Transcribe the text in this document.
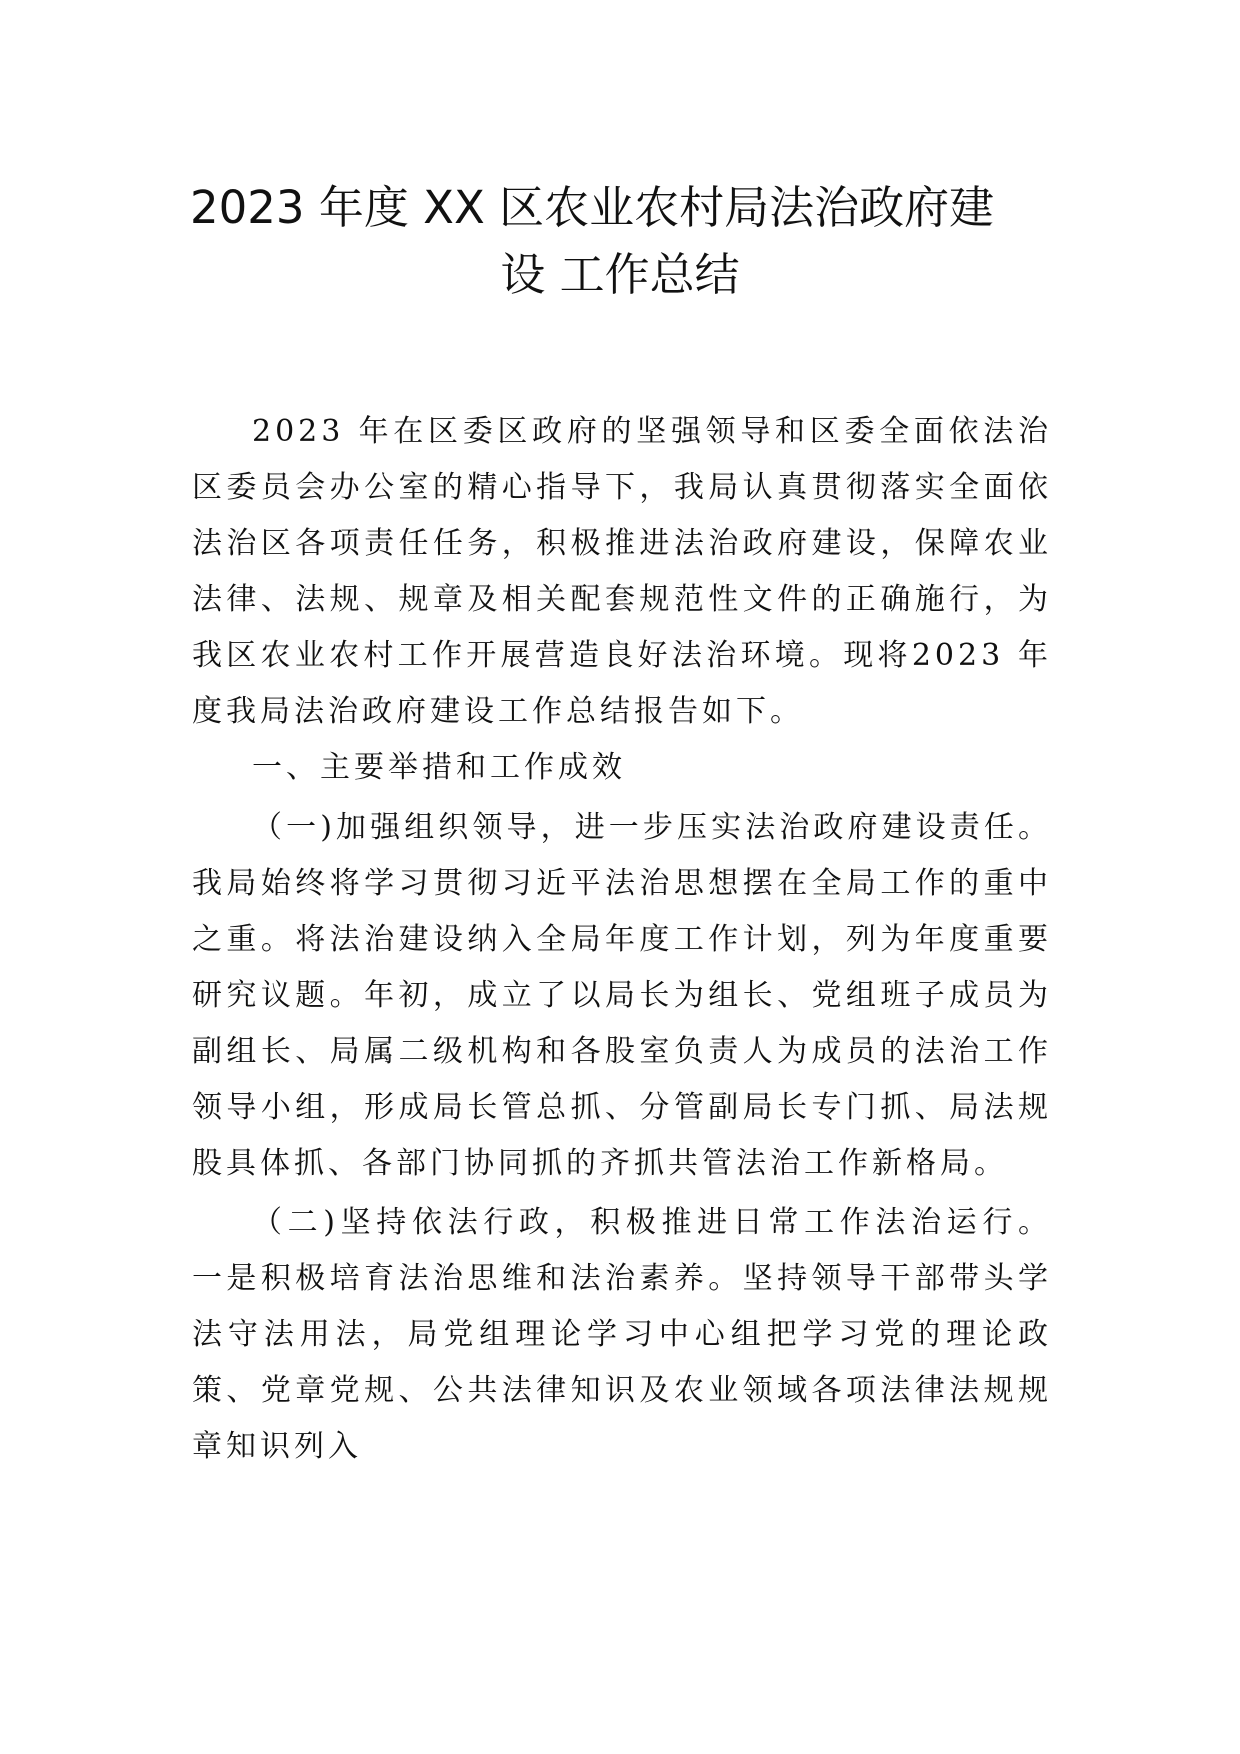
2023 年度 XX 区农业农村局法治政府建
设 工作总结
2023 年在区委区政府的坚强领导和区委全面依法治区委员会办公室的精心指导下，我局认真贯彻落实全面依法治区各项责任任务，积极推进法治政府建设，保障农业法律、法规、规章及相关配套规范性文件的正确施行，为我区农业农村工作开展营造良好法治环境。现将2023 年度我局法治政府建设工作总结报告如下。
一、主要举措和工作成效
（一)加强组织领导，进一步压实法治政府建设责任。我局始终将学习贯彻习近平法治思想摆在全局工作的重中之重。将法治建设纳入全局年度工作计划，列为年度重要研究议题。年初，成立了以局长为组长、党组班子成员为副组长、局属二级机构和各股室负责人为成员的法治工作领导小组，形成局长管总抓、分管副局长专门抓、局法规股具体抓、各部门协同抓的齐抓共管法治工作新格局。
（二)坚持依法行政，积极推进日常工作法治运行。 一是积极培育法治思维和法治素养。坚持领导干部带头学法守法用法，局党组理论学习中心组把学习党的理论政策、党章党规、公共法律知识及农业领域各项法律法规规章知识列入
